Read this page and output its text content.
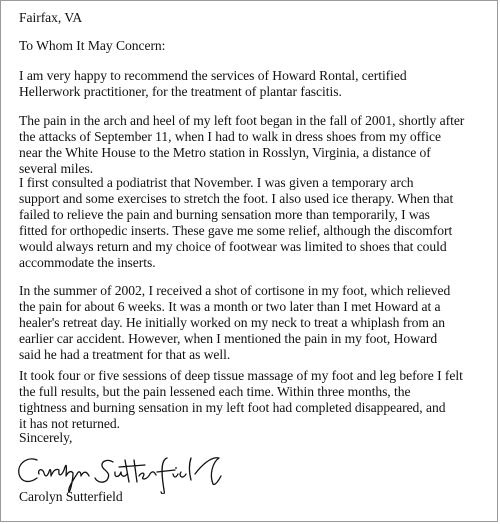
Fairfax, VA
To Whom It May Concern:
I am very happy to recommend the services of Howard Rontal, certified
Hellerwork practitioner, for the treatment of plantar fascitis.
The pain in the arch and heel of my left foot began in the fall of 2001, shortly after
the attacks of September 11, when I had to walk in dress shoes from my office
near the White House to the Metro station in Rosslyn, Virginia, a distance of
several miles.
I first consulted a podiatrist that November. I was given a temporary arch
support and some exercises to stretch the foot. I also used ice therapy. When that
failed to relieve the pain and burning sensation more than temporarily, I was
fitted for orthopedic inserts. These gave me some relief, although the discomfort
would always return and my choice of footwear was limited to shoes that could
accommodate the inserts.
In the summer of 2002, I received a shot of cortisone in my foot, which relieved
the pain for about 6 weeks. It was a month or two later than I met Howard at a
healer's retreat day. He initially worked on my neck to treat a whiplash from an
earlier car accident. However, when I mentioned the pain in my foot, Howard
said he had a treatment for that as well.
It took four or five sessions of deep tissue massage of my foot and leg before I felt
the full results, but the pain lessened each time. Within three months, the
tightness and burning sensation in my left foot had completed disappeared, and
it has not returned.
Sincerely,
Carolyn Sutterfield
